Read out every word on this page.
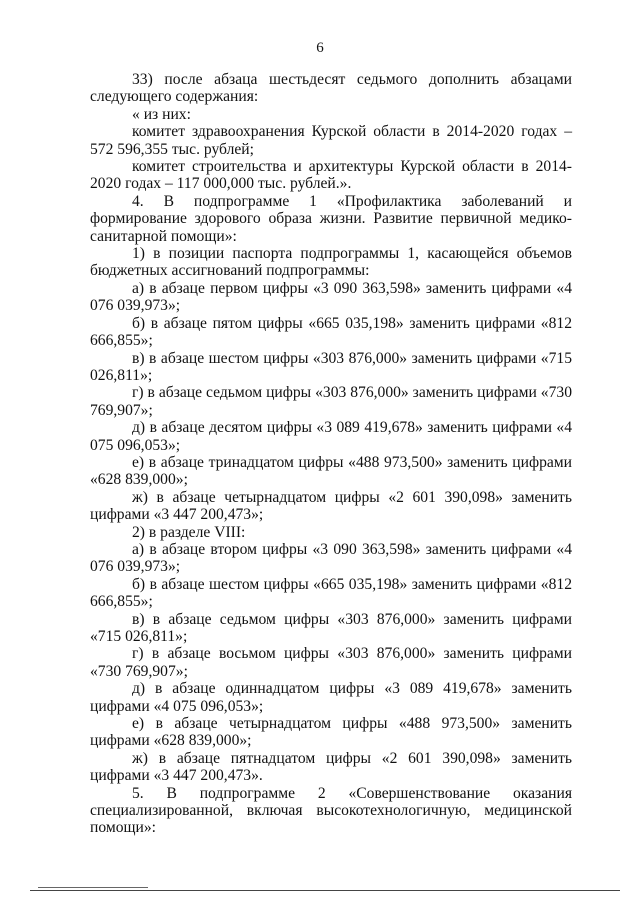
6

33) после абзаца шестьдесят седьмого дополнить абзацами следующего содержания:

« из них:

комитет здравоохранения Курской области в 2014-2020 годах – 572 596,355 тыс. рублей;

комитет строительства и архитектуры Курской области в 2014-2020 годах – 117 000,000 тыс. рублей.».

4. В подпрограмме 1 «Профилактика заболеваний и формирование здорового образа жизни. Развитие первичной медико-санитарной помощи»:

1) в позиции паспорта подпрограммы 1, касающейся объемов бюджетных ассигнований подпрограммы:

а) в абзаце первом цифры «3 090 363,598» заменить цифрами «4 076 039,973»;

б) в абзаце пятом цифры «665 035,198» заменить цифрами «812 666,855»;

в) в абзаце шестом цифры «303 876,000» заменить цифрами «715 026,811»;

г) в абзаце седьмом цифры «303 876,000» заменить цифрами «730 769,907»;

д) в абзаце десятом цифры «3 089 419,678» заменить цифрами «4 075 096,053»;

е) в абзаце тринадцатом цифры «488 973,500» заменить цифрами «628 839,000»;

ж) в абзаце четырнадцатом цифры «2 601 390,098» заменить цифрами «3 447 200,473»;

2) в разделе VIII:

а) в абзаце втором цифры «3 090 363,598» заменить цифрами «4 076 039,973»;

б) в абзаце шестом цифры «665 035,198» заменить цифрами «812 666,855»;

в) в абзаце седьмом цифры «303 876,000» заменить цифрами «715 026,811»;

г) в абзаце восьмом цифры «303 876,000» заменить цифрами «730 769,907»;

д) в абзаце одиннадцатом цифры «3 089 419,678» заменить цифрами «4 075 096,053»;

е) в абзаце четырнадцатом цифры «488 973,500» заменить цифрами «628 839,000»;

ж) в абзаце пятнадцатом цифры «2 601 390,098» заменить цифрами «3 447 200,473».

5. В подпрограмме 2 «Совершенствование оказания специализированной, включая высокотехнологичную, медицинской помощи»:
